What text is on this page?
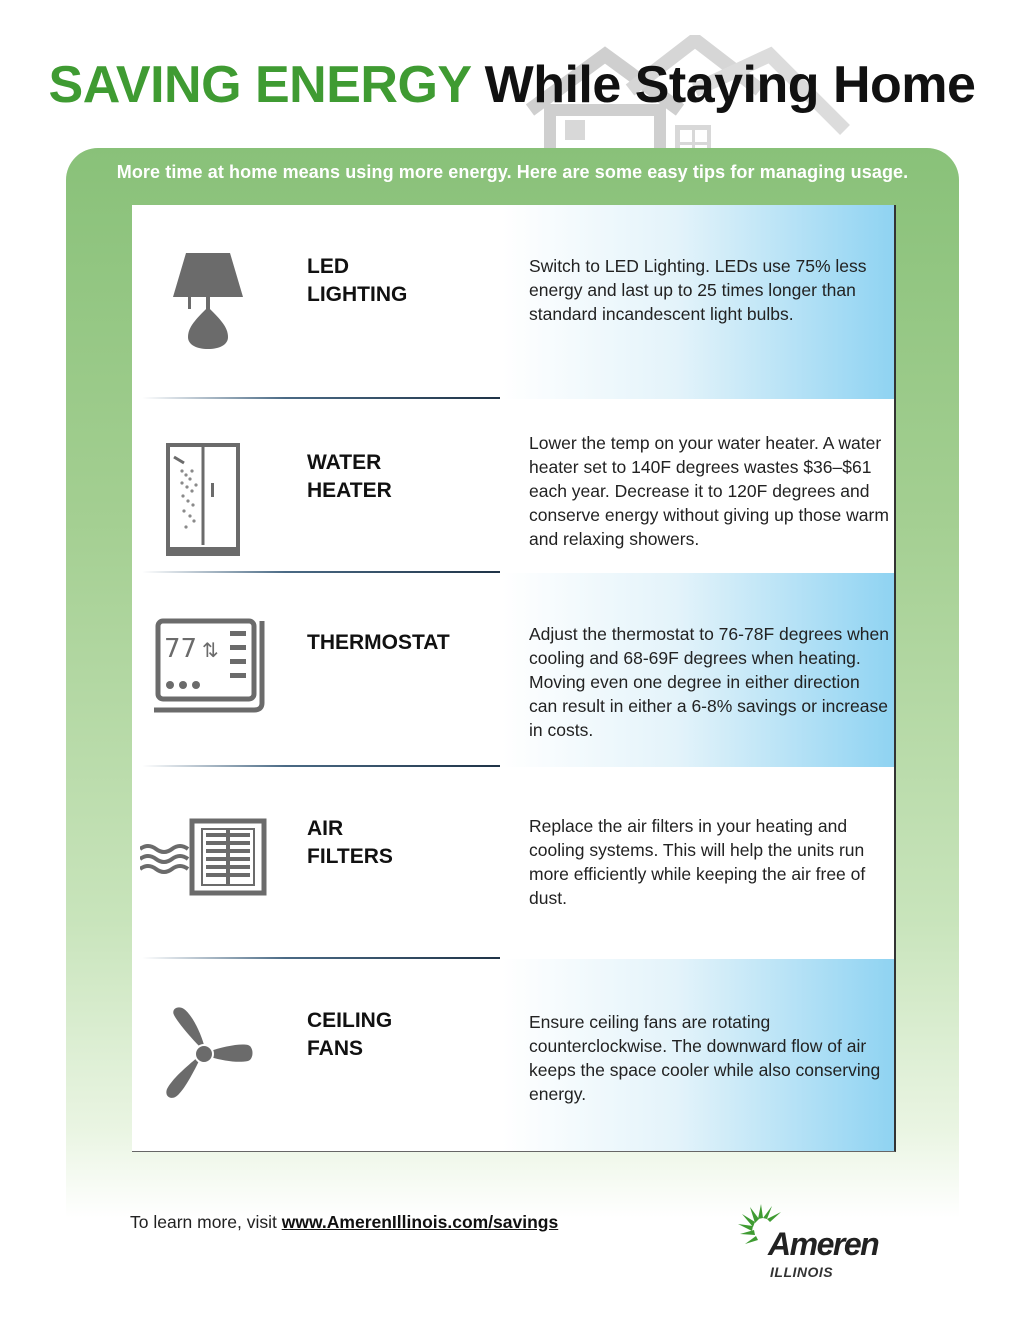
SAVING ENERGY While Staying Home
More time at home means using more energy. Here are some easy tips for managing usage.
LED
LIGHTING
Switch to LED Lighting. LEDs use 75% less energy and last up to 25 times longer than standard incandescent light bulbs.
WATER
HEATER
Lower the temp on your water heater. A water heater set to 140F degrees wastes $36–$61 each year. Decrease it to 120F degrees and conserve energy without giving up those warm and relaxing showers.
77 ⇅	THERMOSTAT	Adjust the thermostat to 76-78F degrees when cooling and 68-69F degrees when heating. Moving even one degree in either direction can result in either a 6-8% savings or increase in costs.
AIR
FILTERS
Replace the air filters in your heating and cooling systems. This will help the units run more efficiently while keeping the air free of dust.
CEILING
FANS
Ensure ceiling fans are rotating counterclockwise. The downward flow of air keeps the space cooler while also conserving energy.
To learn more, visit www.AmerenIllinois.com/savings
Ameren
ILLINOIS
